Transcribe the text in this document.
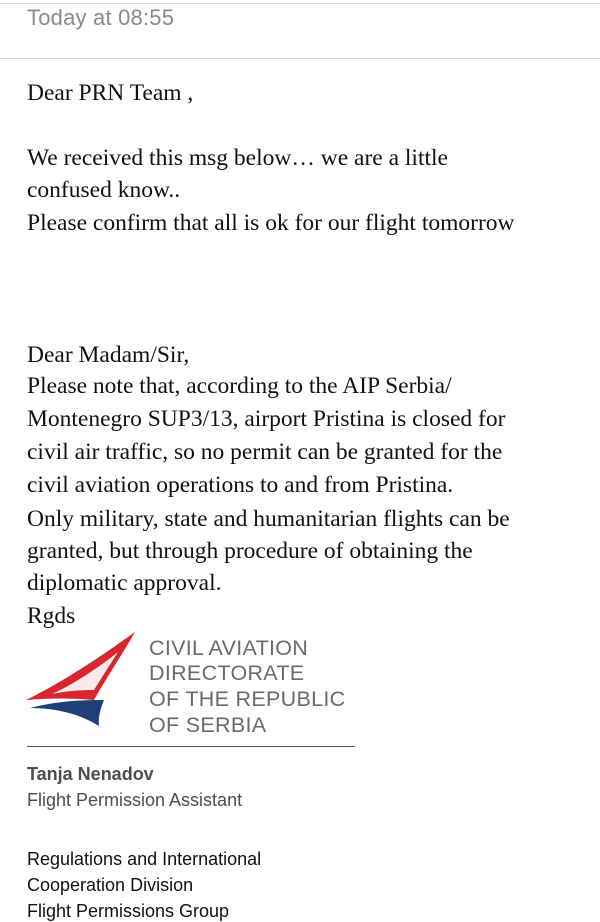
Today at 08:55
Dear PRN Team ,
We received this msg below… we are a little
confused know..
Please confirm that all is ok for our flight tomorrow
Dear Madam/Sir,
Please note that, according to the AIP Serbia/
Montenegro SUP3/13, airport Pristina is closed for
civil air traffic, so no permit can be granted for the
civil aviation operations to and from Pristina.
Only military, state and humanitarian flights can be
granted, but through procedure of obtaining the
diplomatic approval.
Rgds
CIVIL AVIATION
DIRECTORATE
OF THE REPUBLIC
OF SERBIA
Tanja Nenadov
Flight Permission Assistant
Regulations and International
Cooperation Division
Flight Permissions Group
